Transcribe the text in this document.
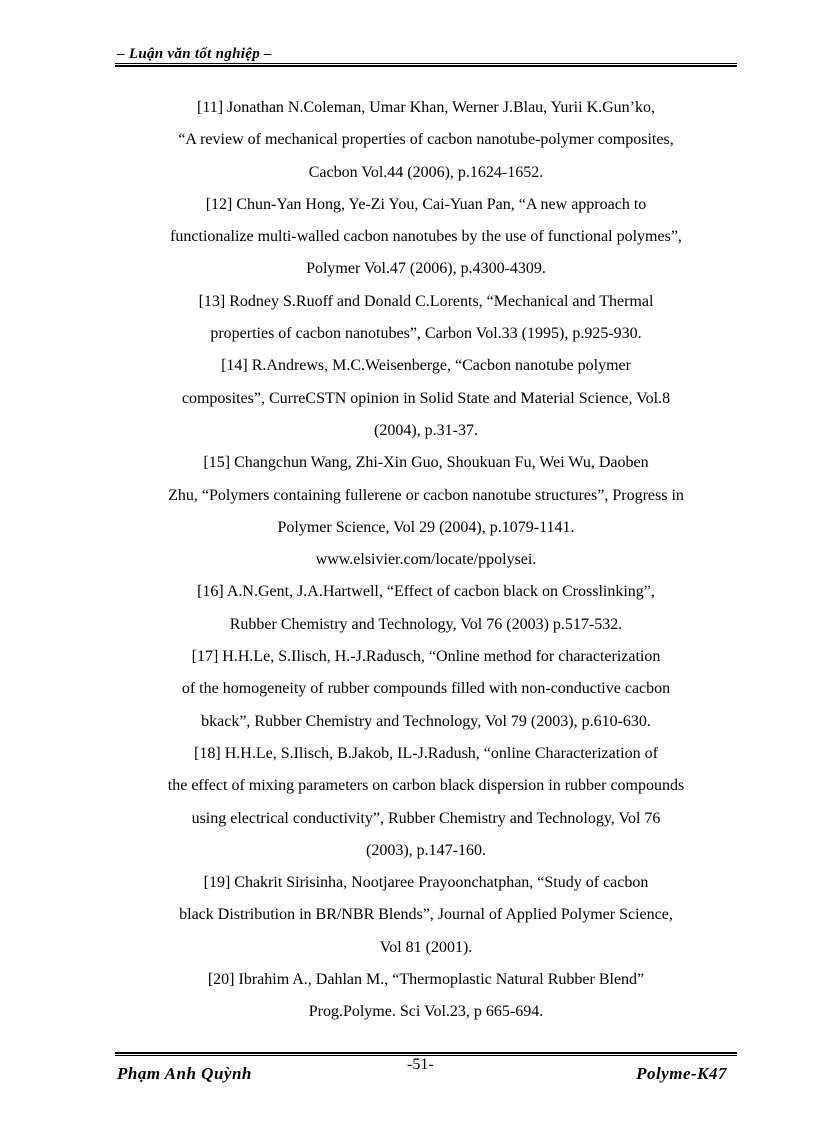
– Luận văn tốt nghiệp –

[11] Jonathan N.Coleman, Umar Khan, Werner J.Blau, Yurii K.Gun’ko,

“A review of mechanical properties of cacbon nanotube-polymer composites,

Cacbon Vol.44 (2006), p.1624-1652.

[12] Chun-Yan Hong, Ye-Zi You, Cai-Yuan Pan, “A new approach to

functionalize multi-walled cacbon nanotubes by the use of functional polymes”,

Polymer Vol.47 (2006), p.4300-4309.

[13] Rodney S.Ruoff and Donald C.Lorents, “Mechanical and Thermal

properties of cacbon nanotubes”, Carbon Vol.33 (1995), p.925-930.

[14] R.Andrews, M.C.Weisenberge, “Cacbon nanotube polymer

composites”, CurreCSTN opinion in Solid State and Material Science, Vol.8

(2004), p.31-37.

[15] Changchun Wang, Zhi-Xin Guo, Shoukuan Fu, Wei Wu, Daoben

Zhu, “Polymers containing fullerene or cacbon nanotube structures”, Progress in

Polymer Science, Vol 29 (2004), p.1079-1141.

www.elsivier.com/locate/ppolysei.

[16] A.N.Gent, J.A.Hartwell, “Effect of cacbon black on Crosslinking”,

Rubber Chemistry and Technology, Vol 76 (2003) p.517-532.

[17] H.H.Le, S.Ilisch, H.-J.Radusch, “Online method for characterization

of the homogeneity of rubber compounds filled with non-conductive cacbon

bkack”, Rubber Chemistry and Technology, Vol 79 (2003), p.610-630.

[18] H.H.Le, S.Ilisch, B.Jakob, IL-J.Radush, “online Characterization of

the effect of mixing parameters on carbon black dispersion in rubber compounds

using electrical conductivity”, Rubber Chemistry and Technology, Vol 76

(2003), p.147-160.

[19] Chakrit Sirisinha, Nootjaree Prayoonchatphan, “Study of cacbon

black Distribution in BR/NBR Blends”, Journal of Applied Polymer Science,

Vol 81 (2001).

[20] Ibrahim A., Dahlan M., “Thermoplastic Natural Rubber Blend”

Prog.Polyme. Sci Vol.23, p 665-694.

-51-
Phạm Anh Quỳnh	Polyme-K47
